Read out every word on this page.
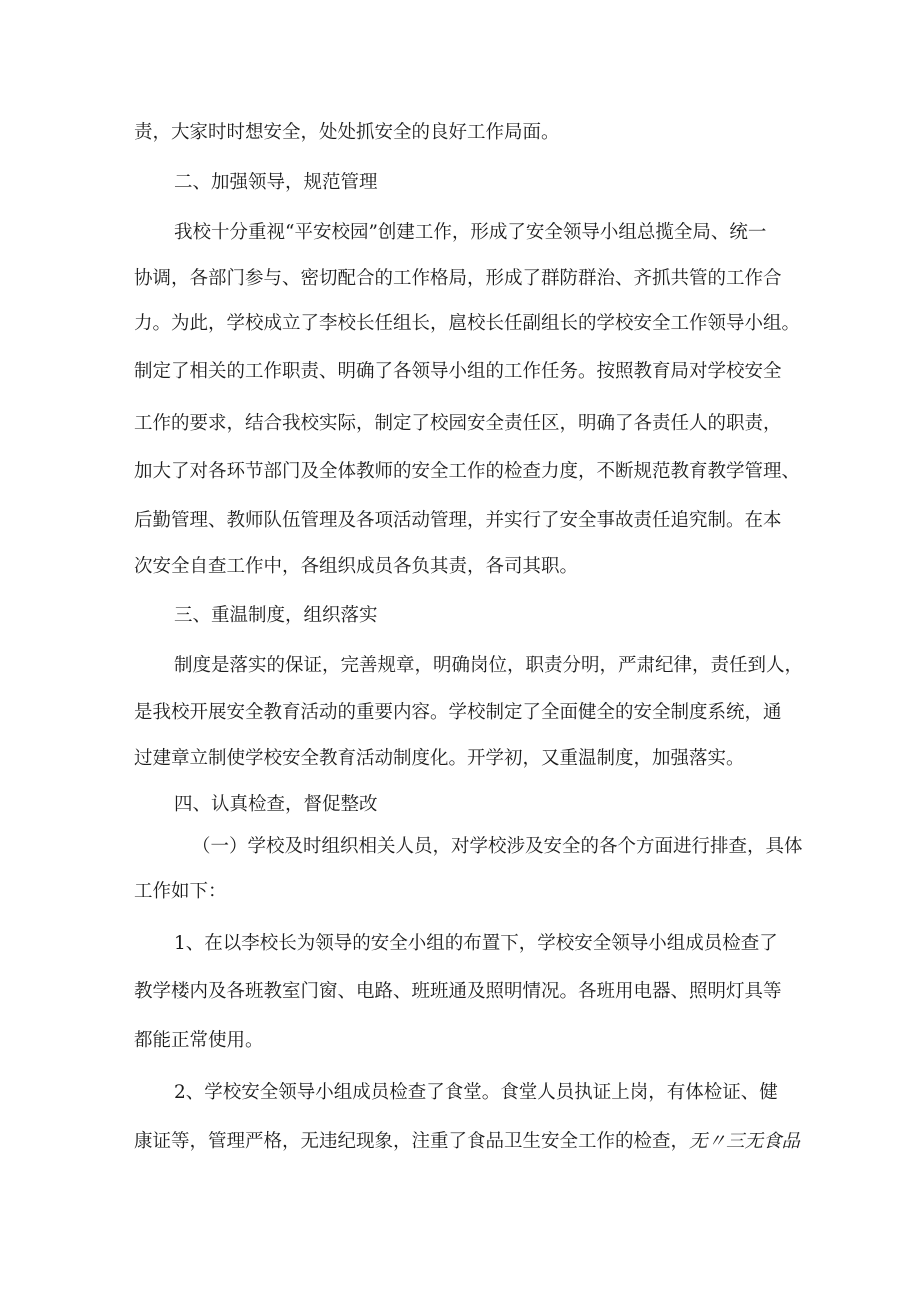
责，大家时时想安全，处处抓安全的良好工作局面。
二、加强领导，规范管理
我校十分重视“平安校园”创建工作，形成了安全领导小组总揽全局、统一
协调，各部门参与、密切配合的工作格局，形成了群防群治、齐抓共管的工作合
力。为此，学校成立了李校长任组长，扈校长任副组长的学校安全工作领导小组。
制定了相关的工作职责、明确了各领导小组的工作任务。按照教育局对学校安全
工作的要求，结合我校实际，制定了校园安全责任区，明确了各责任人的职责，
加大了对各环节部门及全体教师的安全工作的检查力度，不断规范教育教学管理、
后勤管理、教师队伍管理及各项活动管理，并实行了安全事故责任追究制。在本
次安全自查工作中，各组织成员各负其责，各司其职。
三、重温制度，组织落实
制度是落实的保证，完善规章，明确岗位，职责分明，严肃纪律，责任到人，
是我校开展安全教育活动的重要内容。学校制定了全面健全的安全制度系统，通
过建章立制使学校安全教育活动制度化。开学初，又重温制度，加强落实。
四、认真检查，督促整改
（一）学校及时组织相关人员，对学校涉及安全的各个方面进行排查，具体
工作如下：
1、在以李校长为领导的安全小组的布置下，学校安全领导小组成员检查了
教学楼内及各班教室门窗、电路、班班通及照明情况。各班用电器、照明灯具等
都能正常使用。
2、学校安全领导小组成员检查了食堂。食堂人员执证上岗，有体检证、健
康证等，管理严格，无违纪现象，注重了食品卫生安全工作的检查，无〃三无食品
